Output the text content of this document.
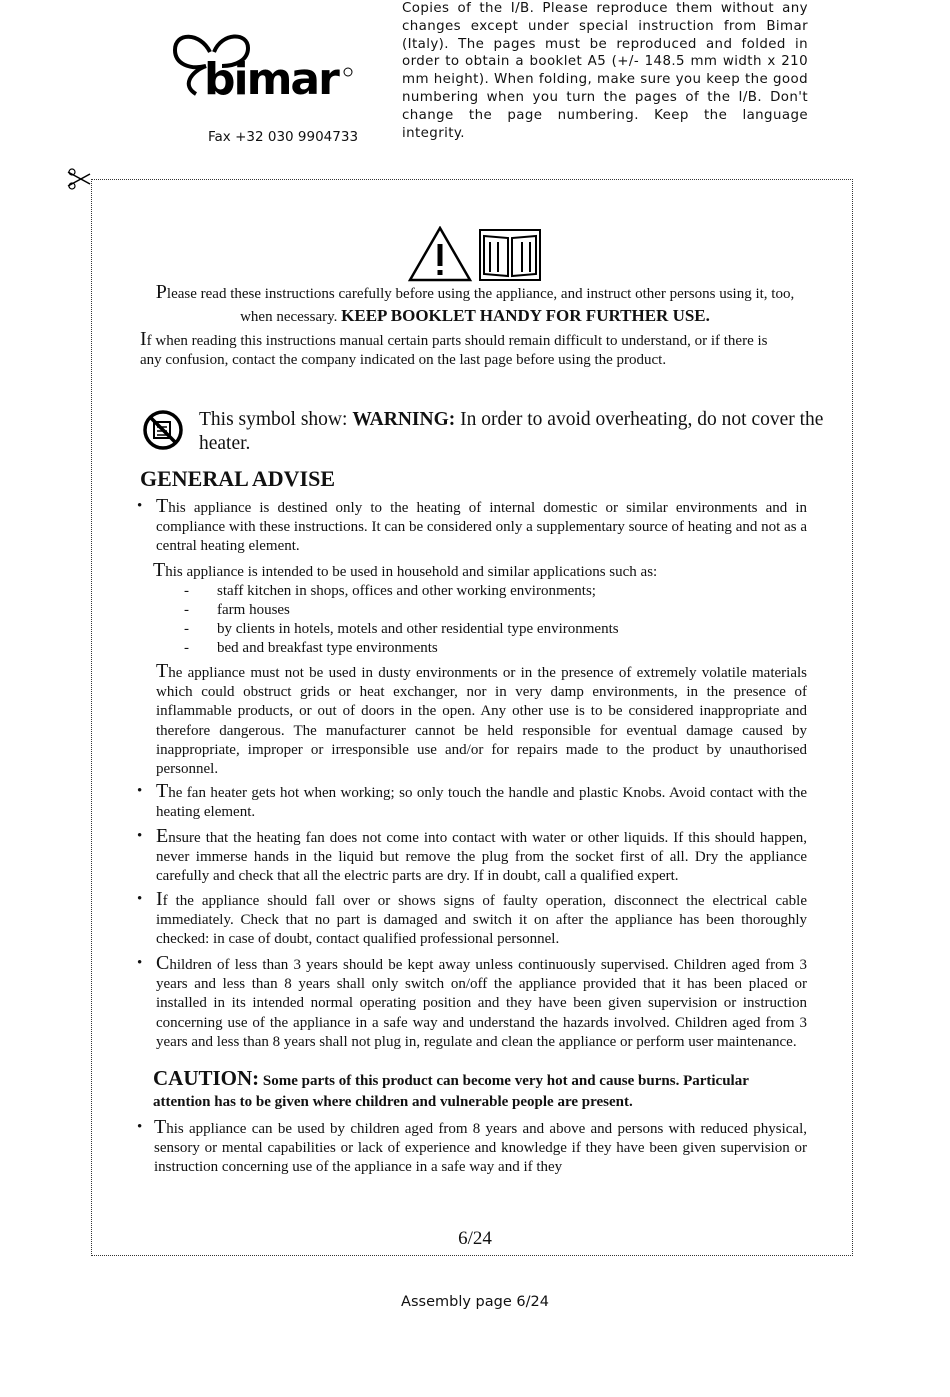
bimar
Fax +32 030 9904733
Copies of the I/B. Please reproduce them without any changes except under special instruction from Bimar (Italy). The pages must be reproduced and folded in order to obtain a booklet A5 (+/- 148.5 mm width x 210 mm height). When folding, make sure you keep the good numbering when you turn the pages of the I/B. Don't change the page numbering. Keep the language integrity.
Please read these instructions carefully before using the appliance, and instruct other persons using it, too, when necessary. KEEP BOOKLET HANDY FOR FURTHER USE.
If when reading this instructions manual certain parts should remain difficult to understand, or if there is any confusion, contact the company indicated on the last page before using the product.
This symbol show: WARNING: In order to avoid overheating, do not cover the heater.
GENERAL ADVISE
• This appliance is destined only to the heating of internal domestic or similar environments and in compliance with these instructions. It can be considered only a supplementary source of heating and not as a central heating element.
This appliance is intended to be used in household and similar applications such as:
- staff kitchen in shops, offices and other working environments;
- farm houses
- by clients in hotels, motels and other residential type environments
- bed and breakfast type environments
The appliance must not be used in dusty environments or in the presence of extremely volatile materials which could obstruct grids or heat exchanger, nor in very damp environments, in the presence of inflammable products, or out of doors in the open. Any other use is to be considered inappropriate and therefore dangerous. The manufacturer cannot be held responsible for eventual damage caused by inappropriate, improper or irresponsible use and/or for repairs made to the product by unauthorised personnel.
• The fan heater gets hot when working; so only touch the handle and plastic Knobs. Avoid contact with the heating element.
• Ensure that the heating fan does not come into contact with water or other liquids. If this should happen, never immerse hands in the liquid but remove the plug from the socket first of all. Dry the appliance carefully and check that all the electric parts are dry. If in doubt, call a qualified expert.
• If the appliance should fall over or shows signs of faulty operation, disconnect the electrical cable immediately. Check that no part is damaged and switch it on after the appliance has been thoroughly checked: in case of doubt, contact qualified professional personnel.
• Children of less than 3 years should be kept away unless continuously supervised. Children aged from 3 years and less than 8 years shall only switch on/off the appliance provided that it has been placed or installed in its intended normal operating position and they have been given supervision or instruction concerning use of the appliance in a safe way and understand the hazards involved. Children aged from 3 years and less than 8 years shall not plug in, regulate and clean the appliance or perform user maintenance.
CAUTION: Some parts of this product can become very hot and cause burns. Particular attention has to be given where children and vulnerable people are present.
• This appliance can be used by children aged from 8 years and above and persons with reduced physical, sensory or mental capabilities or lack of experience and knowledge if they have been given supervision or instruction concerning use of the appliance in a safe way and if they
6/24
Assembly page 6/24
